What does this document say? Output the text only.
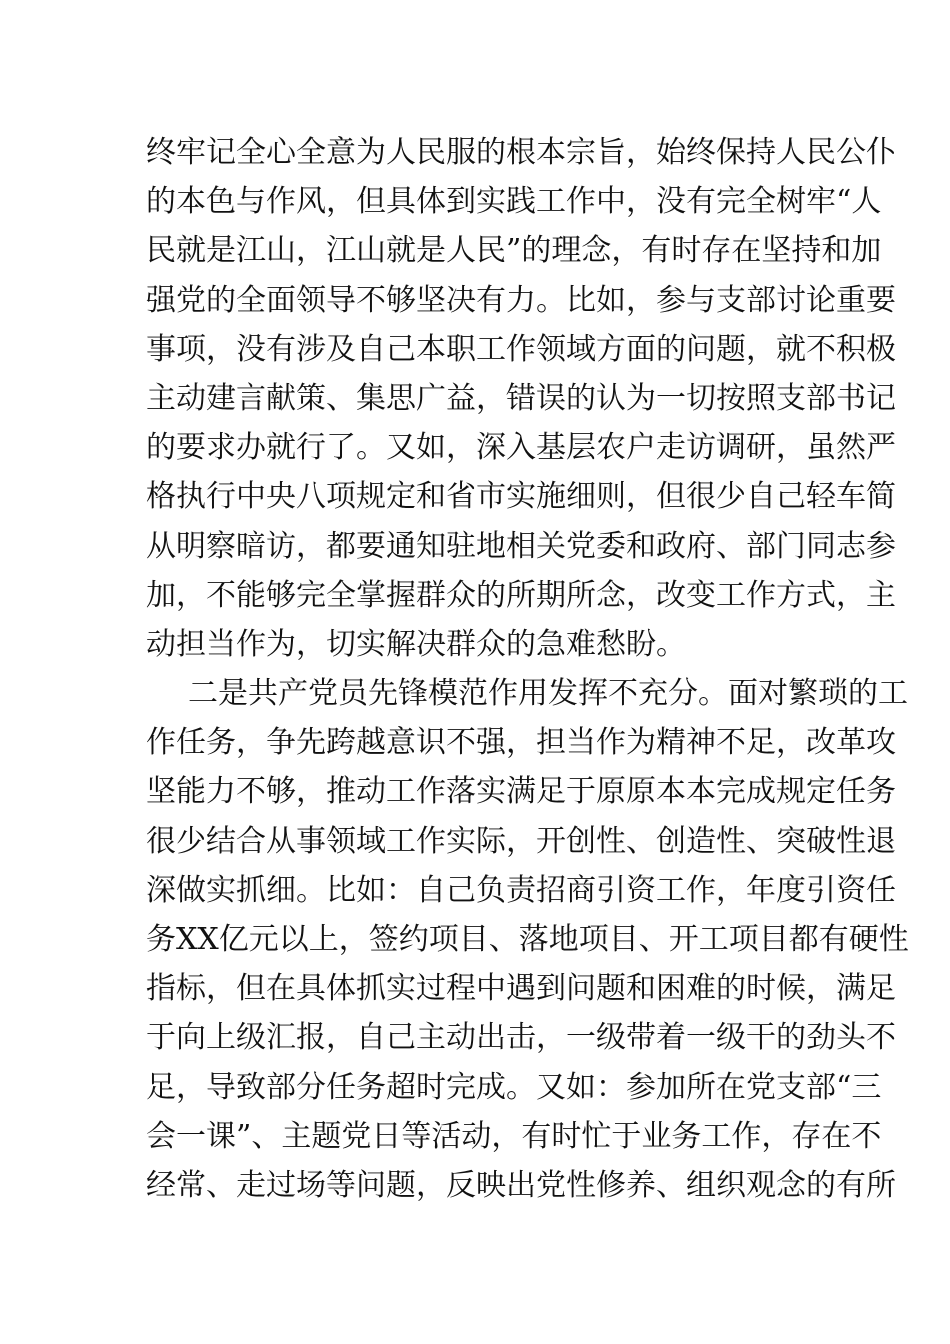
终牢记全心全意为人民服的根本宗旨，始终保持人民公仆
的本色与作风，但具体到实践工作中，没有完全树牢“人
民就是江山，江山就是人民”的理念，有时存在坚持和加
强党的全面领导不够坚决有力。比如，参与支部讨论重要
事项，没有涉及自己本职工作领域方面的问题，就不积极
主动建言献策、集思广益，错误的认为一切按照支部书记
的要求办就行了。又如，深入基层农户走访调研，虽然严
格执行中央八项规定和省市实施细则，但很少自己轻车简
从明察暗访，都要通知驻地相关党委和政府、部门同志参
加，不能够完全掌握群众的所期所念，改变工作方式，主
动担当作为，切实解决群众的急难愁盼。
二是共产党员先锋模范作用发挥不充分。面对繁琐的工
作任务，争先跨越意识不强，担当作为精神不足，改革攻
坚能力不够，推动工作落实满足于原原本本完成规定任务
很少结合从事领域工作实际，开创性、创造性、突破性退
深做实抓细。比如：自己负责招商引资工作，年度引资任
务XX亿元以上，签约项目、落地项目、开工项目都有硬性
指标，但在具体抓实过程中遇到问题和困难的时候，满足
于向上级汇报，自己主动出击，一级带着一级干的劲头不
足，导致部分任务超时完成。又如：参加所在党支部“三
会一课”、主题党日等活动，有时忙于业务工作，存在不
经常、走过场等问题，反映出党性修养、组织观念的有所
